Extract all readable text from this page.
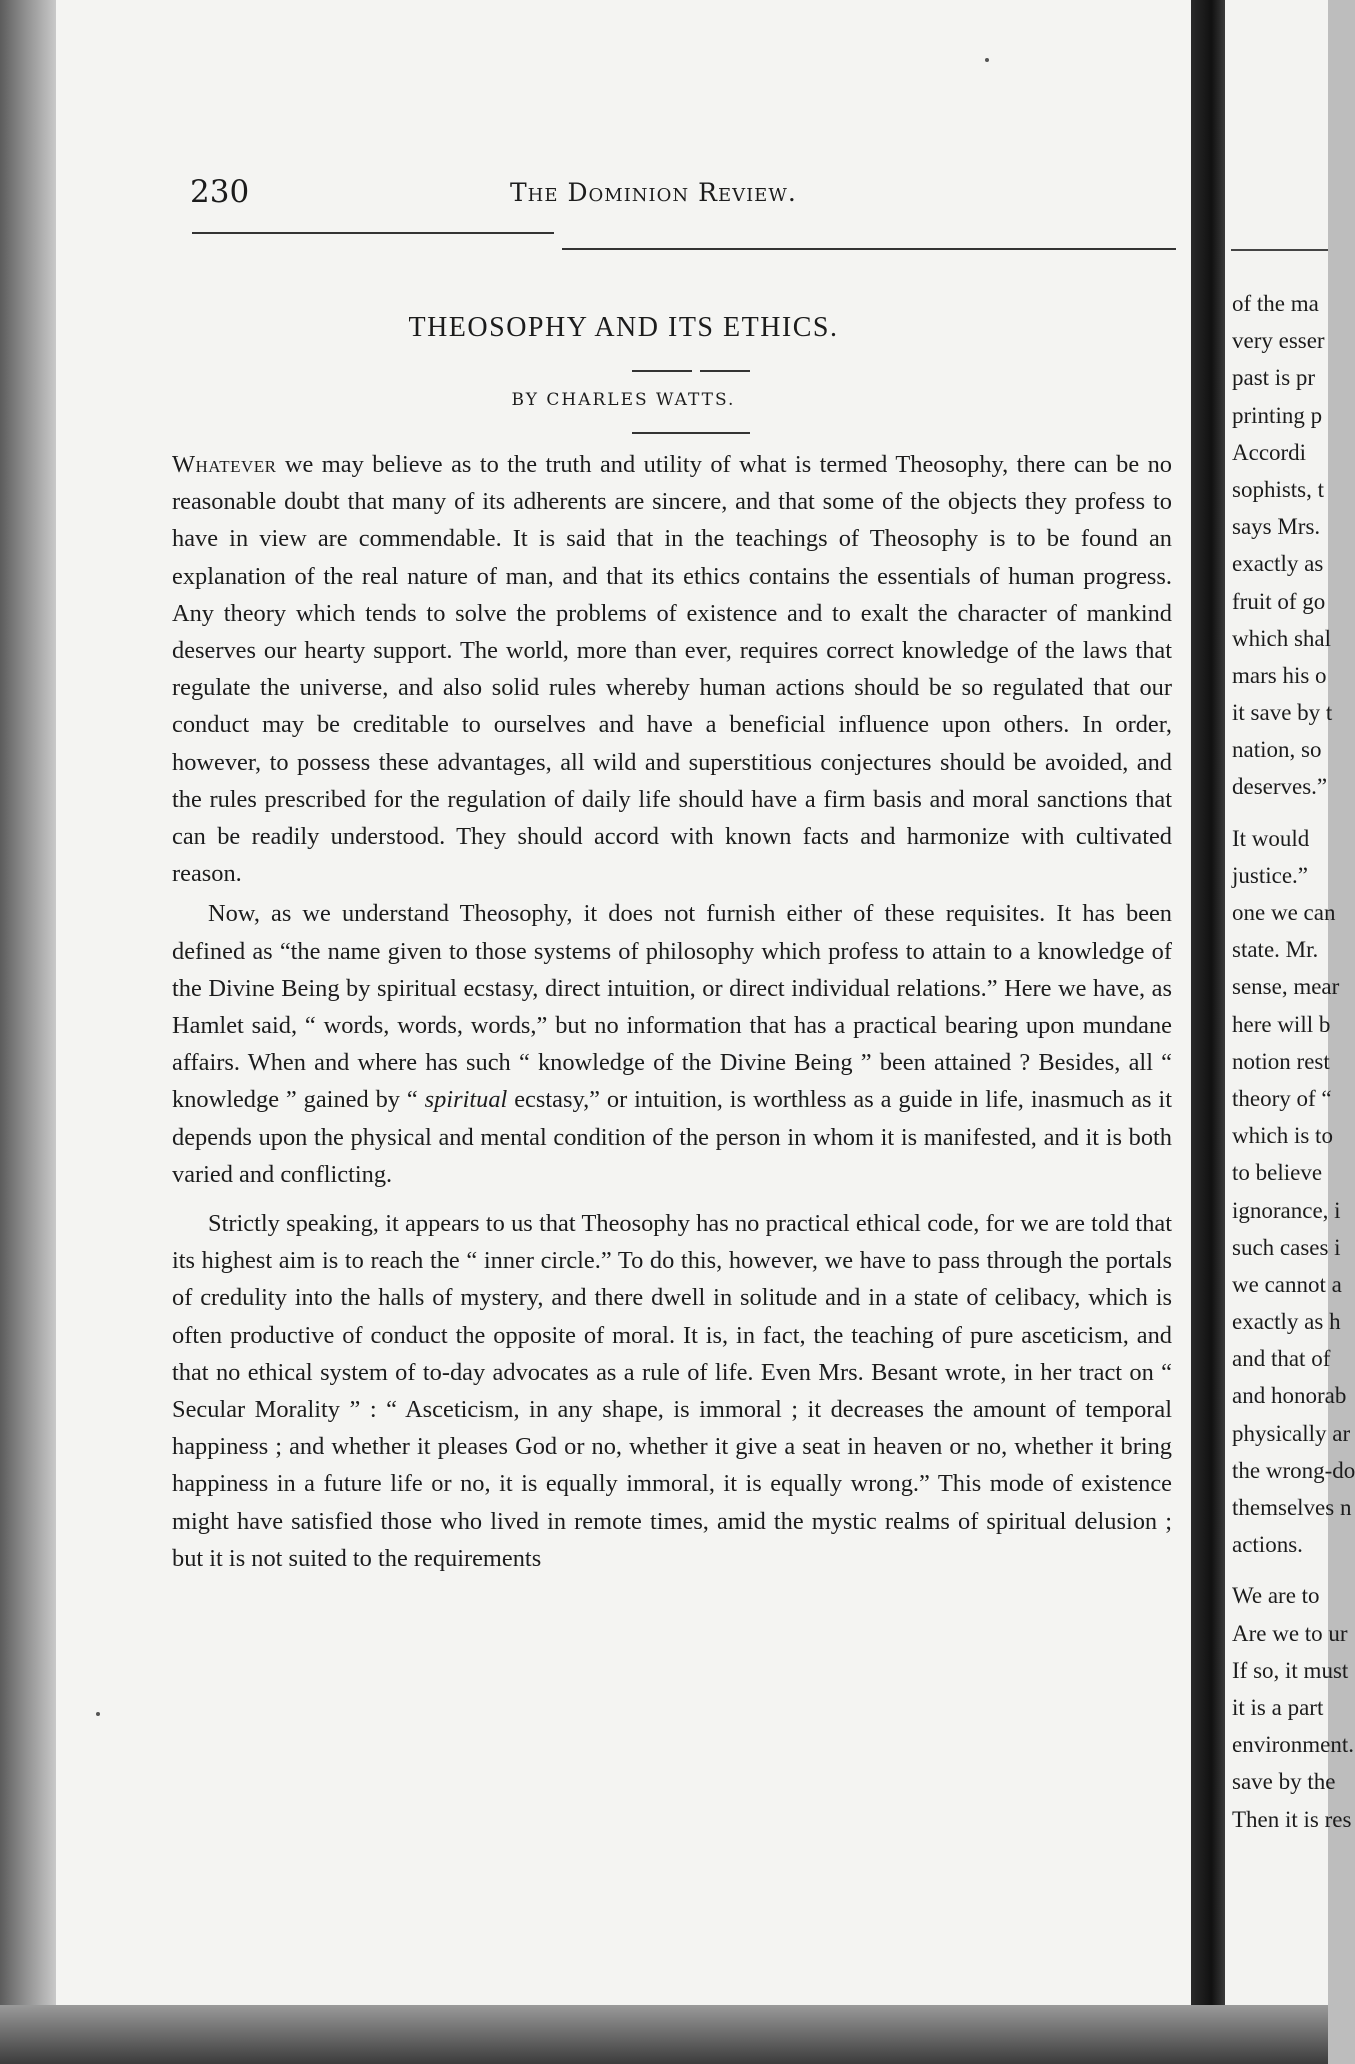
230	The Dominion Review.
THEOSOPHY AND ITS ETHICS.
BY CHARLES WATTS.

Whatever we may believe as to the truth and utility of what is termed Theosophy, there can be no reasonable doubt that many of its adherents are sincere, and that some of the objects they profess to have in view are commendable. It is said that in the teachings of Theosophy is to be found an explanation of the real nature of man, and that its ethics contains the essentials of human progress. Any theory which tends to solve the problems of existence and to exalt the character of mankind deserves our hearty support. The world, more than ever, requires correct knowledge of the laws that regulate the universe, and also solid rules whereby human actions should be so regulated that our conduct may be creditable to ourselves and have a beneficial influence upon others. In order, however, to possess these advantages, all wild and superstitious conjectures should be avoided, and the rules prescribed for the regulation of daily life should have a firm basis and moral sanctions that can be readily understood. They should accord with known facts and harmonize with cultivated reason.

Now, as we understand Theosophy, it does not furnish either of these requisites. It has been defined as “the name given to those systems of philosophy which profess to attain to a knowledge of the Divine Being by spiritual ecstasy, direct intuition, or direct individual relations.” Here we have, as Hamlet said, “ words, words, words,” but no information that has a practical bearing upon mundane affairs. When and where has such “ knowledge of the Divine Being ” been attained ? Besides, all “ knowledge ” gained by “ spiritual ecstasy,” or intuition, is worthless as a guide in life, inasmuch as it depends upon the physical and mental condition of the person in whom it is manifested, and it is both varied and conflicting.

Strictly speaking, it appears to us that Theosophy has no practical ethical code, for we are told that its highest aim is to reach the “ inner circle.” To do this, however, we have to pass through the portals of credulity into the halls of mystery, and there dwell in solitude and in a state of celibacy, which is often productive of conduct the opposite of moral. It is, in fact, the teaching of pure asceticism, and that no ethical system of to-day advocates as a rule of life. Even Mrs. Besant wrote, in her tract on “ Secular Morality ” : “ Asceticism, in any shape, is immoral ; it decreases the amount of temporal happiness ; and whether it pleases God or no, whether it give a seat in heaven or no, whether it bring happiness in a future life or no, it is equally immoral, it is equally wrong.” This mode of existence might have satisfied those who lived in remote times, amid the mystic realms of spiritual delusion ; but it is not suited to the requirements

of the ma
very esser
past is pr
printing p
Accordi
sophists, t
says Mrs.
exactly as
fruit of go
which shal
mars his o
it save by t
nation, so
deserves.”
It would
justice.”
one we can
state. Mr.
sense, mear
here will b
notion rest
theory of “
which is to
to believe
ignorance, i
such cases i
we cannot a
exactly as h
and that of
and honorab
physically ar
the wrong-do
themselves n
actions.
We are to
Are we to ur
If so, it must
it is a part
environment.
save by the
Then it is res
